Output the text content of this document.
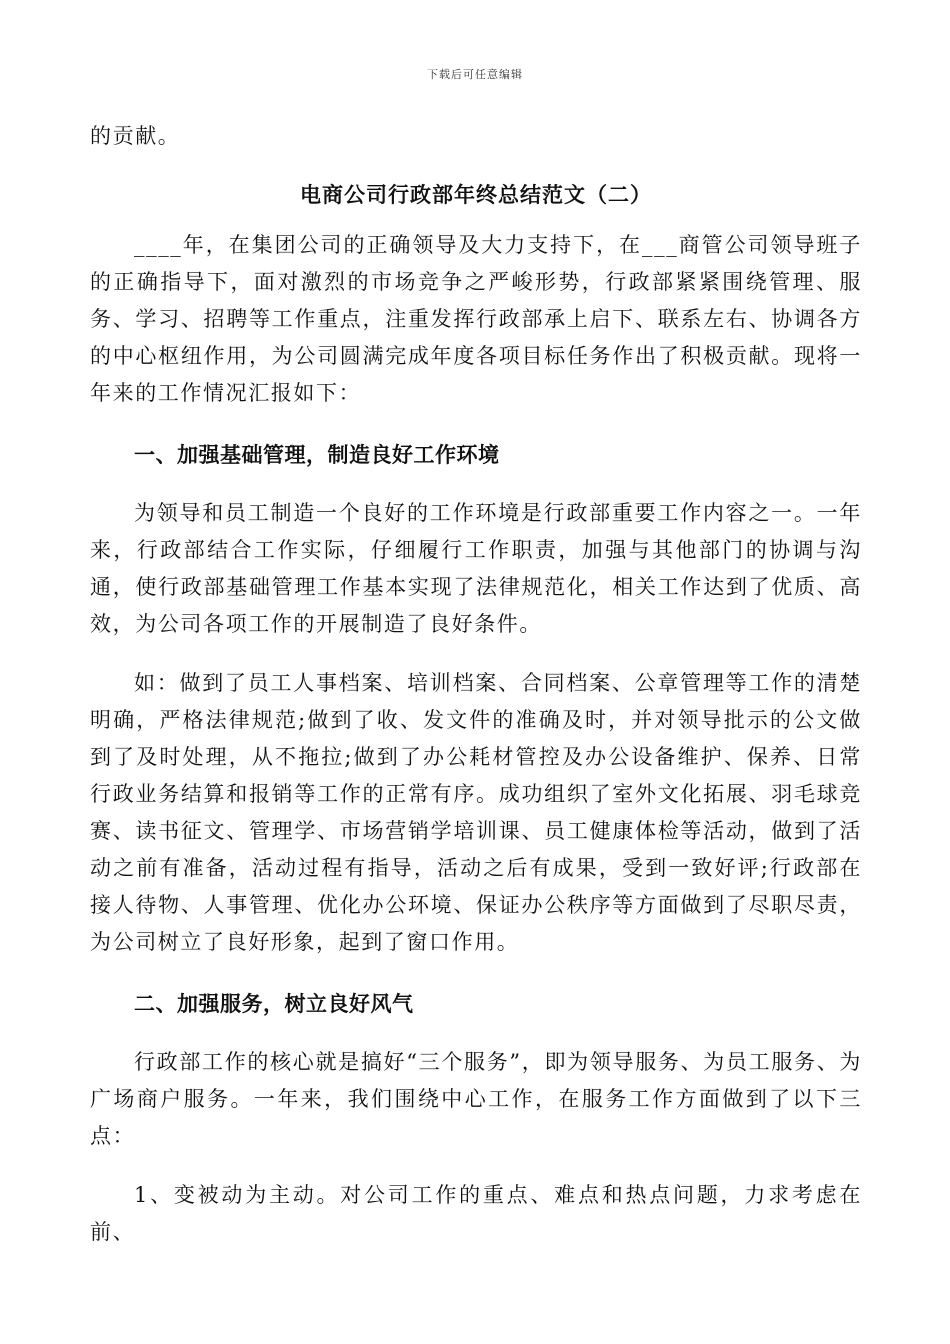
下载后可任意编辑

的贡献。

电商公司行政部年终总结范文（二）

____年，在集团公司的正确领导及大力支持下，在___商管公司领导班子的正确指导下，面对激烈的市场竞争之严峻形势，行政部紧紧围绕管理、服务、学习、招聘等工作重点，注重发挥行政部承上启下、联系左右、协调各方的中心枢纽作用，为公司圆满完成年度各项目标任务作出了积极贡献。现将一年来的工作情况汇报如下：

一、加强基础管理，制造良好工作环境

为领导和员工制造一个良好的工作环境是行政部重要工作内容之一。一年来，行政部结合工作实际，仔细履行工作职责，加强与其他部门的协调与沟通，使行政部基础管理工作基本实现了法律规范化，相关工作达到了优质、高效，为公司各项工作的开展制造了良好条件。

如：做到了员工人事档案、培训档案、合同档案、公章管理等工作的清楚明确，严格法律规范;做到了收、发文件的准确及时，并对领导批示的公文做到了及时处理，从不拖拉;做到了办公耗材管控及办公设备维护、保养、日常行政业务结算和报销等工作的正常有序。成功组织了室外文化拓展、羽毛球竞赛、读书征文、管理学、市场营销学培训课、员工健康体检等活动，做到了活动之前有准备，活动过程有指导，活动之后有成果，受到一致好评;行政部在接人待物、人事管理、优化办公环境、保证办公秩序等方面做到了尽职尽责，为公司树立了良好形象，起到了窗口作用。

二、加强服务，树立良好风气

行政部工作的核心就是搞好“三个服务”，即为领导服务、为员工服务、为广场商户服务。一年来，我们围绕中心工作，在服务工作方面做到了以下三点：

1、变被动为主动。对公司工作的重点、难点和热点问题，力求考虑在前、
